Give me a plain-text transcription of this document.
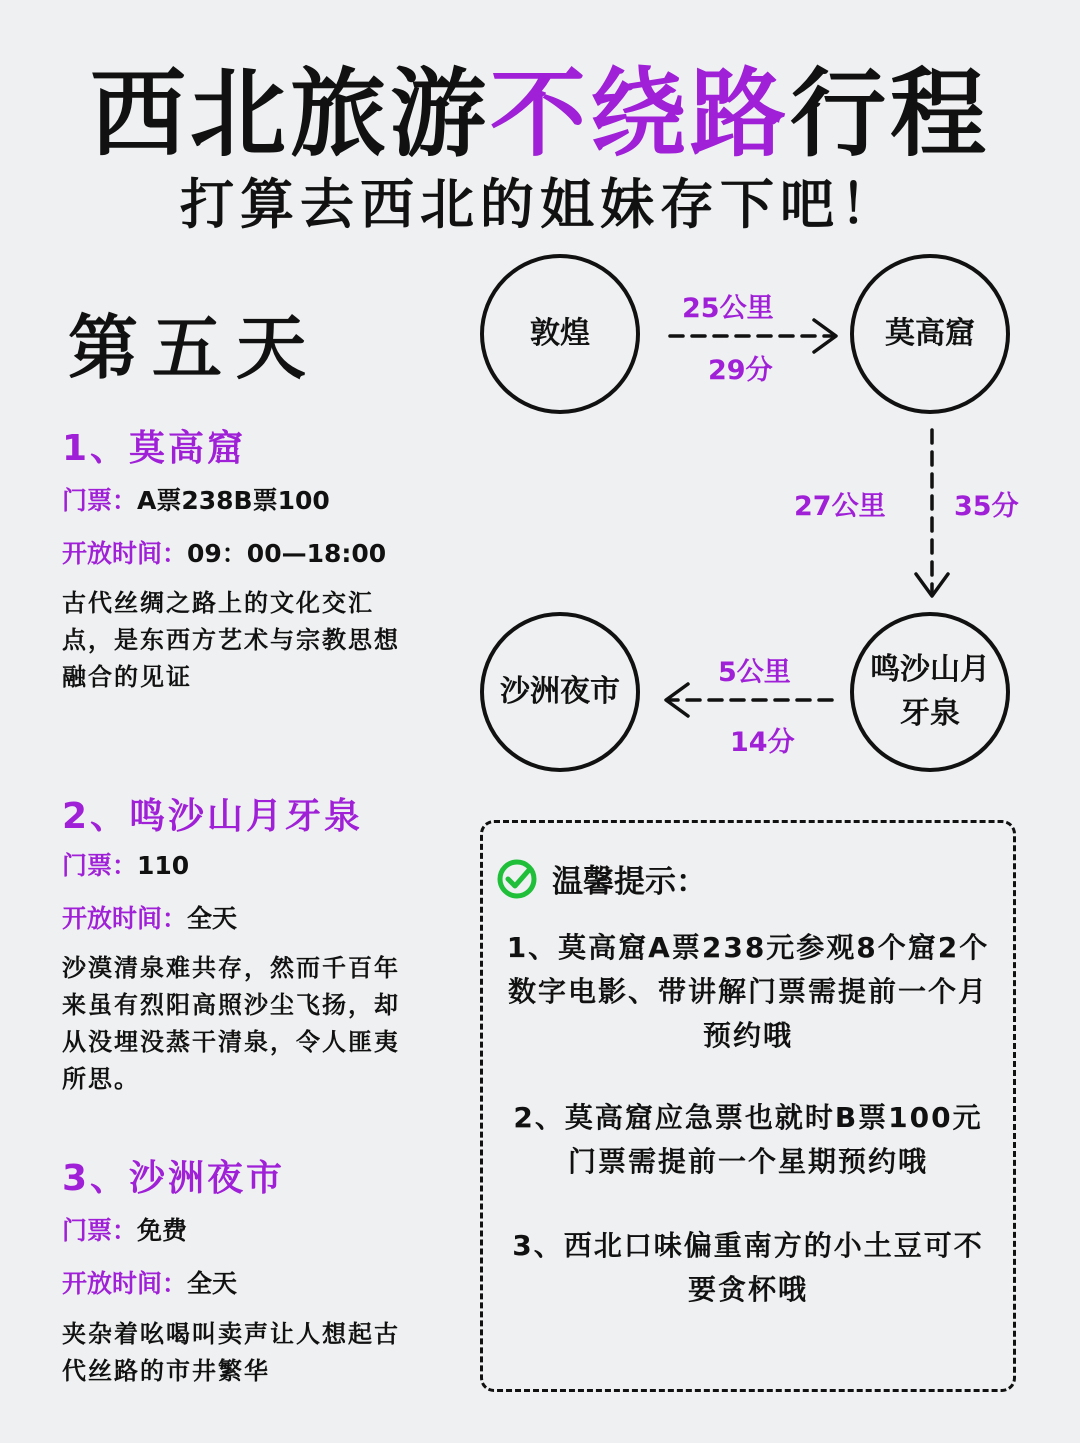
西北旅游不绕路行程
打算去西北的姐妹存下吧！
第五天
1、莫高窟
门票：A票238B票100
开放时间：09：00—18:00
古代丝绸之路上的文化交汇点，是东西方艺术与宗教思想融合的见证
2、鸣沙山月牙泉
门票：110
开放时间：全天
沙漠清泉难共存，然而千百年来虽有烈阳高照沙尘飞扬，却从没埋没蒸干清泉，令人匪夷所思。
3、沙洲夜市
门票：免费
开放时间：全天
夹杂着吆喝叫卖声让人想起古代丝路的市井繁华
敦煌	莫高窟
鸣沙山月牙泉
沙洲夜市
25公里
29分
27公里	35分
5公里
14分
温馨提示：
1、莫高窟A票238元参观8个窟2个数字电影、带讲解门票需提前一个月预约哦
2、莫高窟应急票也就时B票100元门票需提前一个星期预约哦
3、西北口味偏重南方的小土豆可不要贪杯哦
